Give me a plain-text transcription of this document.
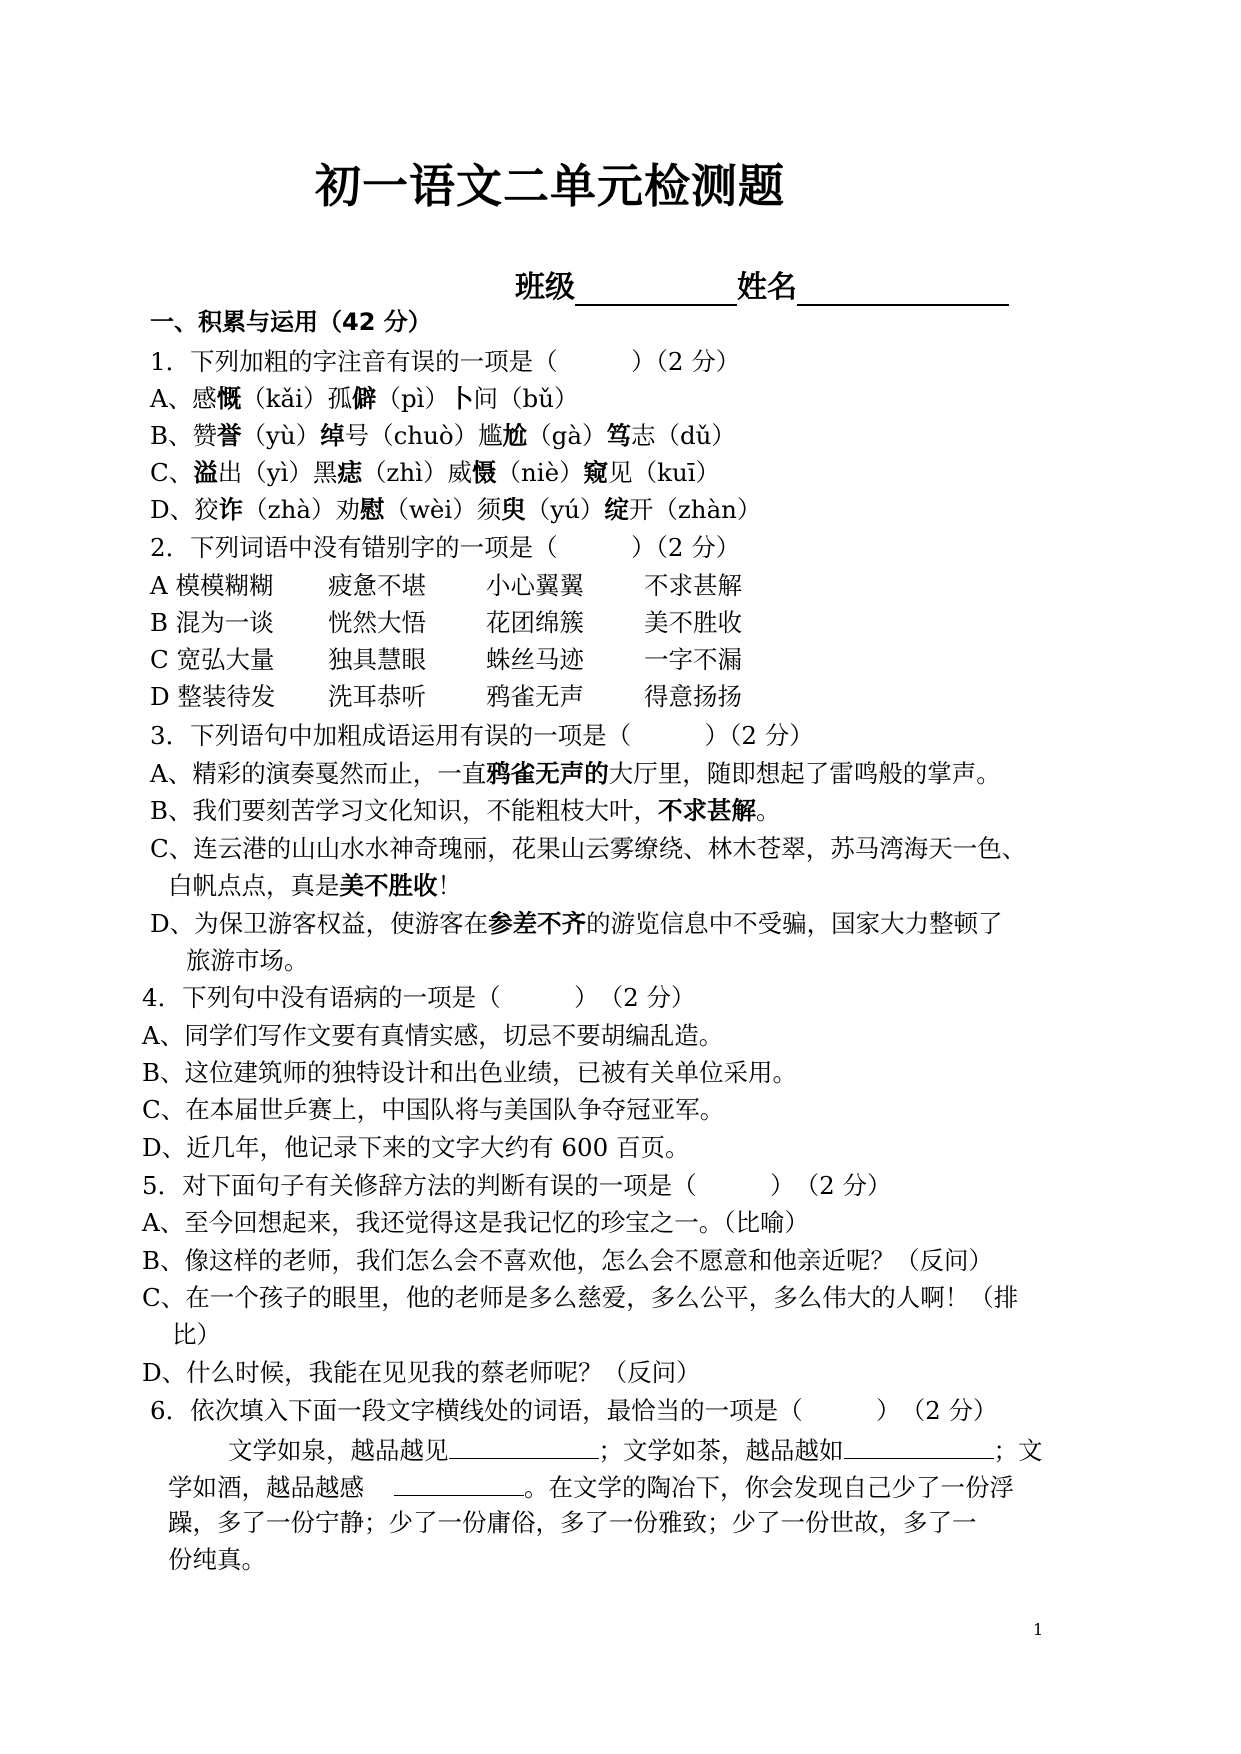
初一语文二单元检测题
班级	姓名
一、积累与运用（42 分）
1．下列加粗的字注音有误的一项是（　　　）（2 分）
A、感慨（kǎi）孤僻（pì）卜问（bǔ）
B、赞誉（yù）绰号（chuò）尴尬（gà）笃志（dǔ）
C、溢出（yì）黑痣（zhì）威慑（niè）窥见（kuī）
D、狡诈（zhà）劝慰（wèi）须臾（yú）绽开（zhàn）
2．下列词语中没有错别字的一项是（　　　）（2 分）
A 模模糊糊 疲惫不堪 小心翼翼 不求甚解
B 混为一谈 恍然大悟 花团绵簇 美不胜收
C 宽弘大量 独具慧眼 蛛丝马迹 一字不漏
D 整装待发 洗耳恭听 鸦雀无声 得意扬扬
3．下列语句中加粗成语运用有误的一项是（　　　）（2 分）
A、精彩的演奏戛然而止，一直鸦雀无声的大厅里，随即想起了雷鸣般的掌声。
B、我们要刻苦学习文化知识，不能粗枝大叶，不求甚解。
C、连云港的山山水水神奇瑰丽，花果山云雾缭绕、林木苍翠，苏马湾海天一色、
白帆点点，真是美不胜收！
D、为保卫游客权益，使游客在参差不齐的游览信息中不受骗，国家大力整顿了
旅游市场。
4．下列句中没有语病的一项是（　　　）　（2 分）
A、同学们写作文要有真情实感，切忌不要胡编乱造。
B、这位建筑师的独特设计和出色业绩，已被有关单位采用。
C、在本届世乒赛上，中国队将与美国队争夺冠亚军。
D、近几年，他记录下来的文字大约有 600 百页。
5．对下面句子有关修辞方法的判断有误的一项是（　　　）　（2 分）
A、至今回想起来，我还觉得这是我记忆的珍宝之一。（比喻）
B、像这样的老师，我们怎么会不喜欢他，怎么会不愿意和他亲近呢？（反问）
C、在一个孩子的眼里，他的老师是多么慈爱，多么公平，多么伟大的人啊！（排
比）
D、什么时候，我能在见见我的蔡老师呢？（反问）
6．依次填入下面一段文字横线处的词语，最恰当的一项是（　　　）　（2 分）
文学如泉，越品越见	；文学如茶，越品越如	；文
学如酒，越品越感	。在文学的陶冶下，你会发现自己少了一份浮
躁，多了一份宁静；少了一份庸俗，多了一份雅致；少了一份世故，多了一
份纯真。
1
